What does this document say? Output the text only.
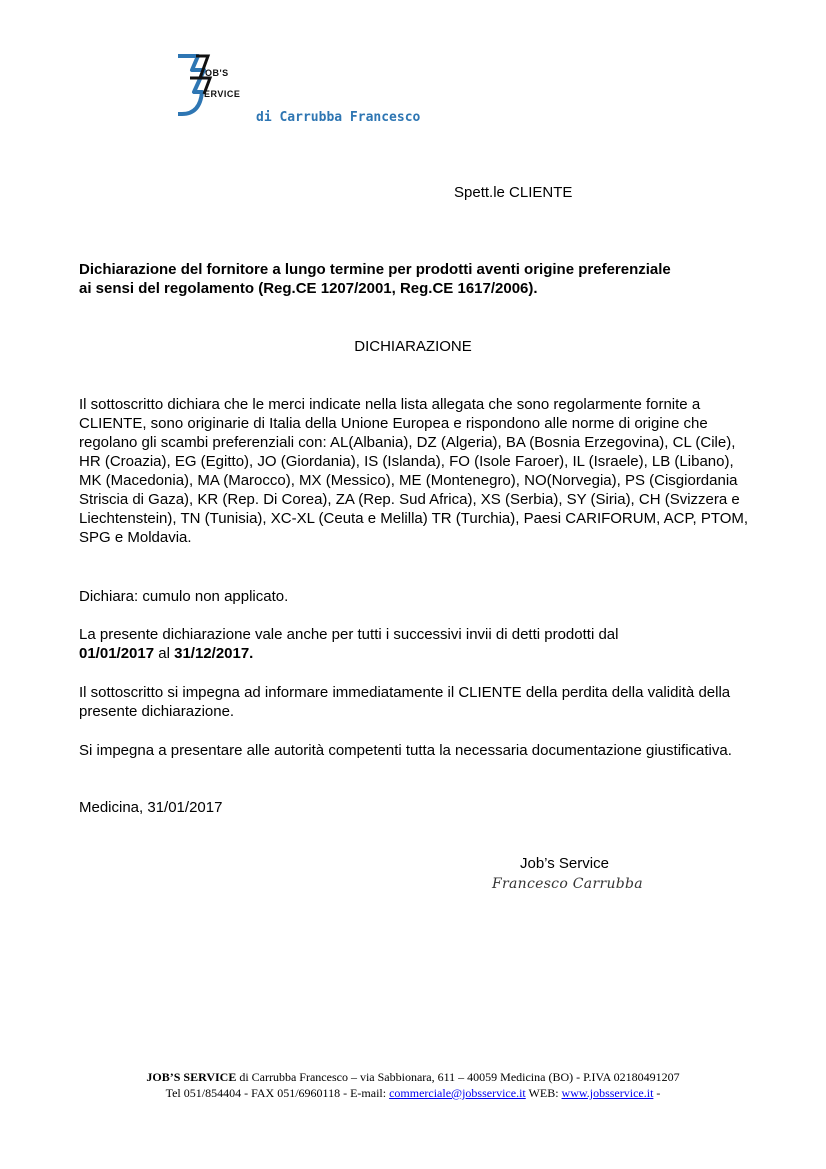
OB'S
ERVICE
di Carrubba Francesco
Spett.le CLIENTE
Dichiarazione del fornitore a lungo termine per prodotti aventi origine preferenziale
ai sensi del regolamento (Reg.CE 1207/2001, Reg.CE 1617/2006).
DICHIARAZIONE
Il sottoscritto dichiara che le merci indicate nella lista allegata che sono regolarmente fornite a CLIENTE, sono originarie di Italia della Unione Europea e rispondono alle norme di origine che regolano gli scambi preferenziali con: AL(Albania), DZ (Algeria), BA (Bosnia Erzegovina), CL (Cile), HR (Croazia), EG (Egitto), JO (Giordania), IS (Islanda), FO (Isole Faroer), IL (Israele), LB (Libano), MK (Macedonia), MA (Marocco), MX (Messico), ME (Montenegro), NO(Norvegia), PS (Cisgiordania Striscia di Gaza), KR (Rep. Di Corea), ZA (Rep. Sud Africa), XS (Serbia), SY (Siria), CH (Svizzera e Liechtenstein), TN (Tunisia), XC-XL (Ceuta e Melilla) TR (Turchia), Paesi CARIFORUM, ACP, PTOM, SPG e Moldavia.
Dichiara: cumulo non applicato.
La presente dichiarazione vale anche per tutti i successivi invii di detti prodotti dal
01/01/2017 al 31/12/2017.
Il sottoscritto si impegna ad informare immediatamente il CLIENTE della perdita della validità della presente dichiarazione.
Si impegna a presentare alle autorità competenti tutta la necessaria documentazione giustificativa.
Medicina, 31/01/2017
Job’s Service
Francesco Carrubba
JOB’S SERVICE di Carrubba Francesco – via Sabbionara, 611 – 40059 Medicina (BO) - P.IVA 02180491207
Tel 051/854404 - FAX 051/6960118 - E-mail: commerciale@jobsservice.it WEB: www.jobsservice.it -
